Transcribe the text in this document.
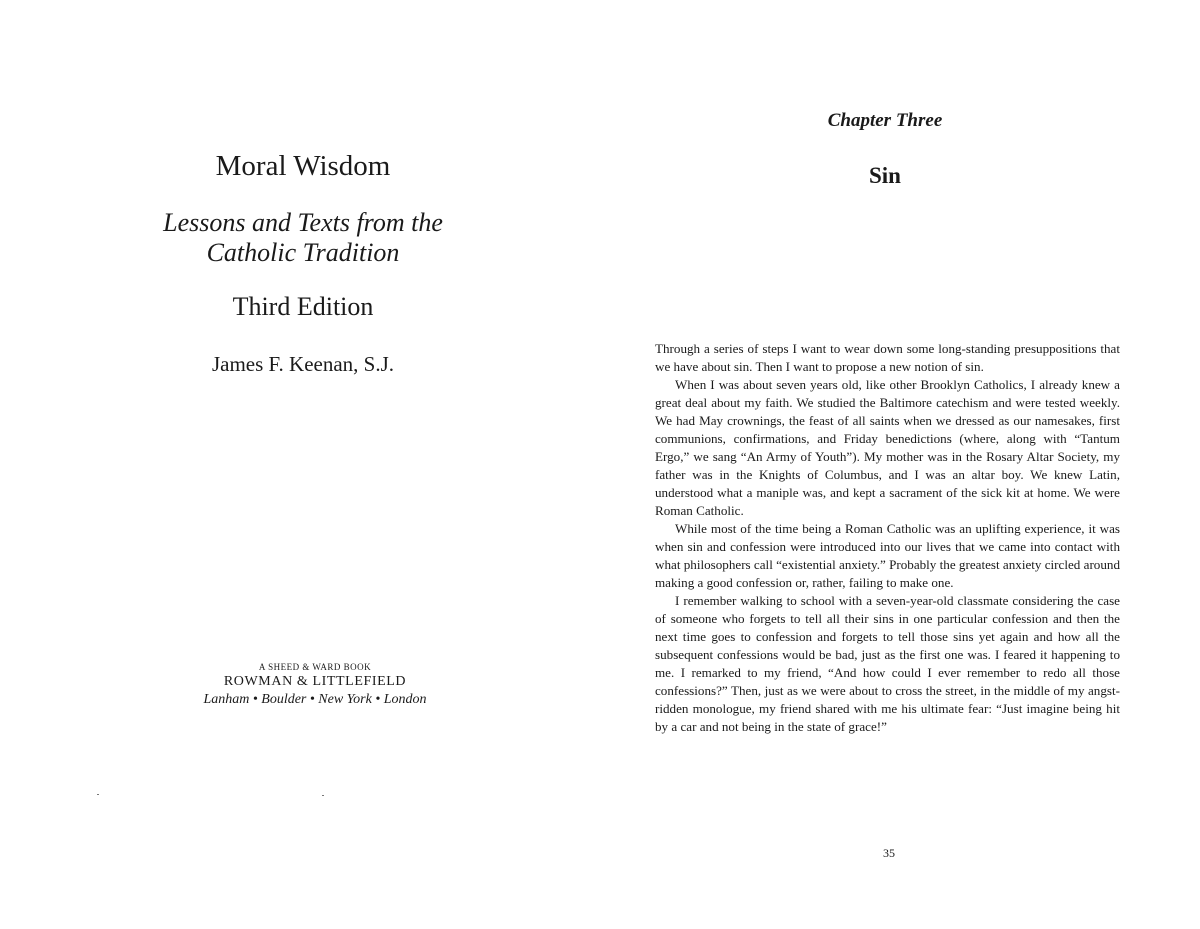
Moral Wisdom
Lessons and Texts from the
Catholic Tradition
Third Edition
James F. Keenan, S.J.
A SHEED & WARD BOOK
ROWMAN & LITTLEFIELD
Lanham • Boulder • New York • London
Chapter Three
Sin

Through a series of steps I want to wear down some long-standing presuppositions that we have about sin. Then I want to propose a new notion of sin.

When I was about seven years old, like other Brooklyn Catholics, I already knew a great deal about my faith. We studied the Baltimore catechism and were tested weekly. We had May crownings, the feast of all saints when we dressed as our namesakes, first communions, confirmations, and Friday benedictions (where, along with “Tantum Ergo,” we sang “An Army of Youth”). My mother was in the Rosary Altar Society, my father was in the Knights of Columbus, and I was an altar boy. We knew Latin, understood what a maniple was, and kept a sacrament of the sick kit at home. We were Roman Catholic.

While most of the time being a Roman Catholic was an uplifting experience, it was when sin and confession were introduced into our lives that we came into contact with what philosophers call “existential anxiety.” Probably the greatest anxiety circled around making a good confession or, rather, failing to make one.

I remember walking to school with a seven-year-old classmate considering the case of someone who forgets to tell all their sins in one particular confession and then the next time goes to confession and forgets to tell those sins yet again and how all the subsequent confessions would be bad, just as the first one was. I feared it happening to me. I remarked to my friend, “And how could I ever remember to redo all those confessions?” Then, just as we were about to cross the street, in the middle of my angst-ridden monologue, my friend shared with me his ultimate fear: “Just imagine being hit by a car and not being in the state of grace!”

35
